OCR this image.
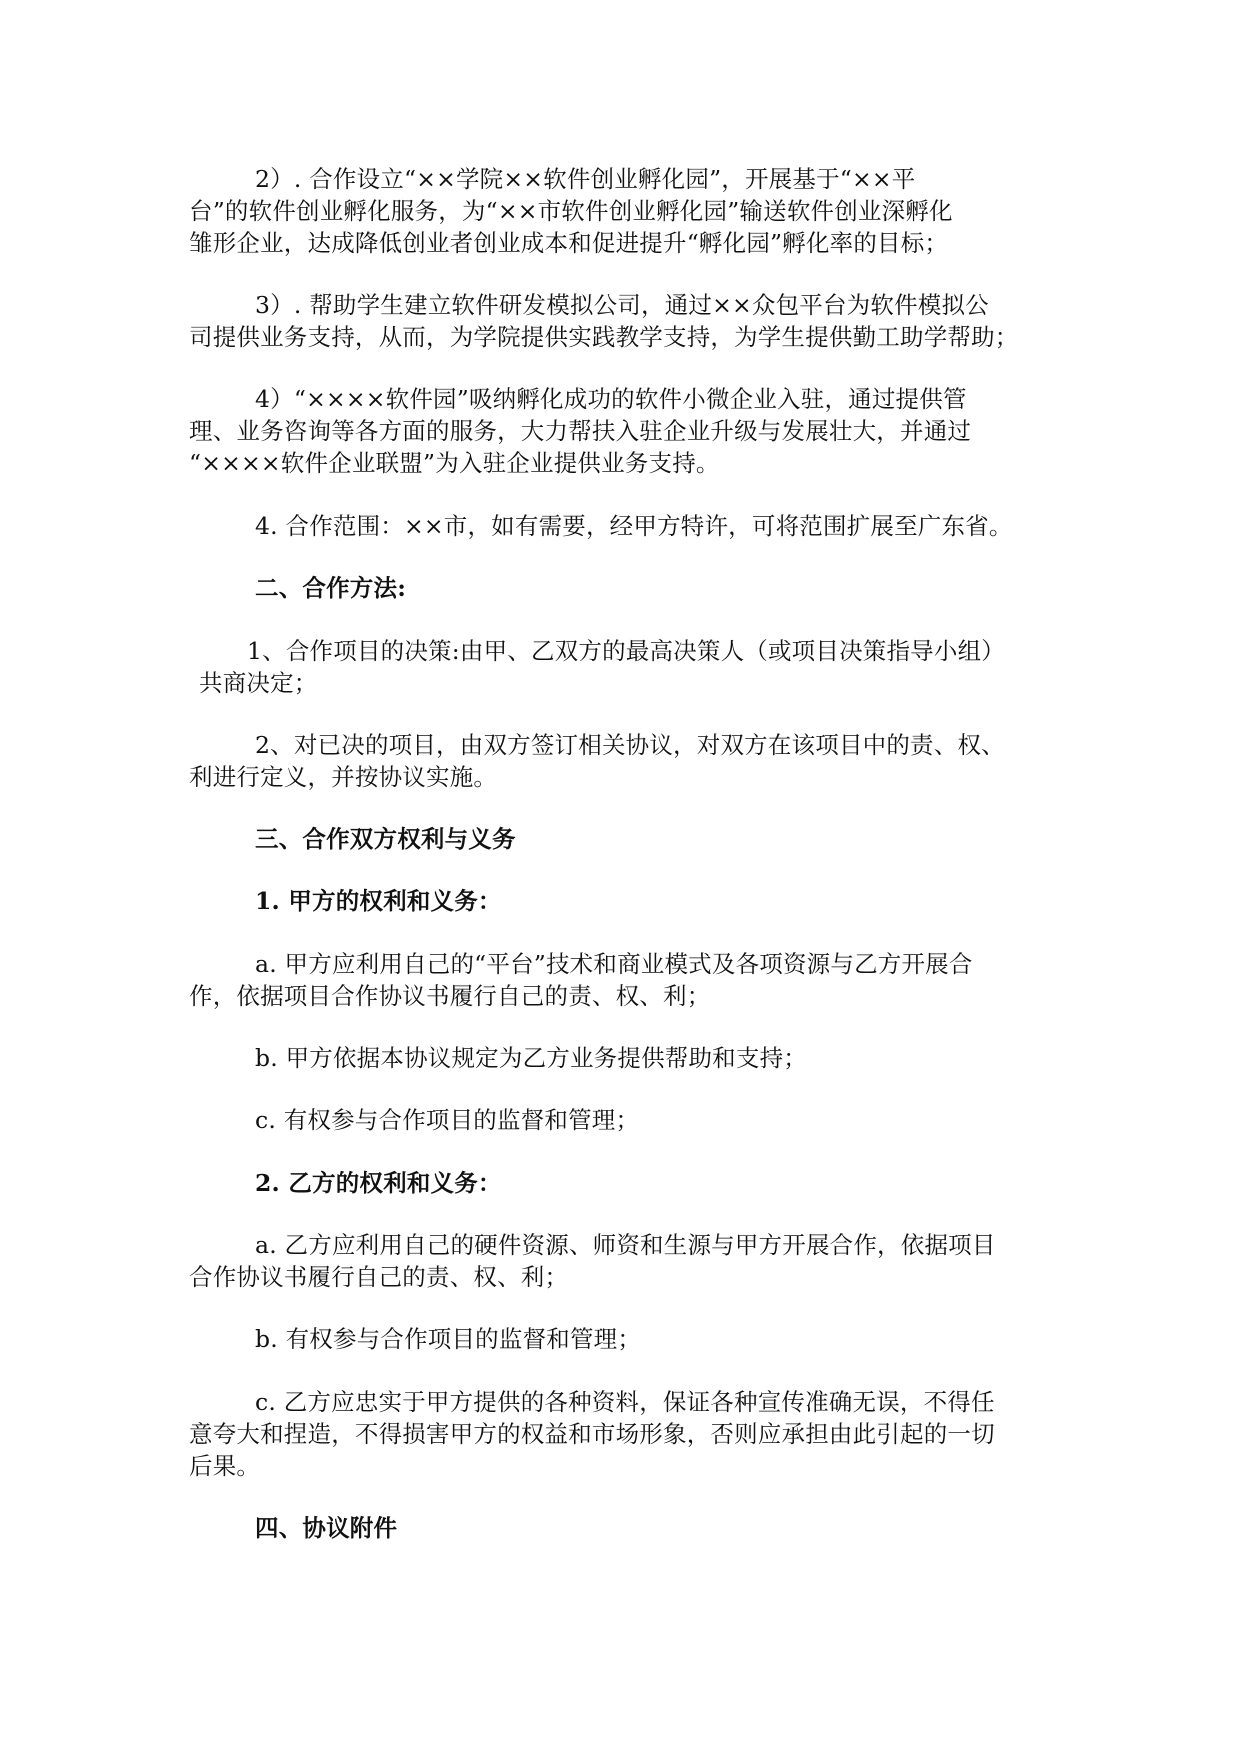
2）. 合作设立“××学院××软件创业孵化园”，开展基于“××平
台”的软件创业孵化服务，为“××市软件创业孵化园”输送软件创业深孵化
雏形企业，达成降低创业者创业成本和促进提升“孵化园”孵化率的目标；
3）. 帮助学生建立软件研发模拟公司，通过××众包平台为软件模拟公
司提供业务支持，从而，为学院提供实践教学支持，为学生提供勤工助学帮助；
4）“××××软件园”吸纳孵化成功的软件小微企业入驻，通过提供管
理、业务咨询等各方面的服务，大力帮扶入驻企业升级与发展壮大，并通过
“××××软件企业联盟”为入驻企业提供业务支持。
4. 合作范围：××市，如有需要，经甲方特许，可将范围扩展至广东省。
二、合作方法:
1、合作项目的决策:由甲、乙双方的最高决策人（或项目决策指导小组）
共商决定；
2、对已决的项目，由双方签订相关协议，对双方在该项目中的责、权、
利进行定义，并按协议实施。
三、合作双方权利与义务
1. 甲方的权利和义务：
a. 甲方应利用自己的“平台”技术和商业模式及各项资源与乙方开展合
作，依据项目合作协议书履行自己的责、权、利；
b. 甲方依据本协议规定为乙方业务提供帮助和支持；
c. 有权参与合作项目的监督和管理；
2. 乙方的权利和义务：
a. 乙方应利用自己的硬件资源、师资和生源与甲方开展合作，依据项目
合作协议书履行自己的责、权、利；
b. 有权参与合作项目的监督和管理；
c. 乙方应忠实于甲方提供的各种资料，保证各种宣传准确无误，不得任
意夸大和捏造，不得损害甲方的权益和市场形象，否则应承担由此引起的一切
后果。
四、协议附件
